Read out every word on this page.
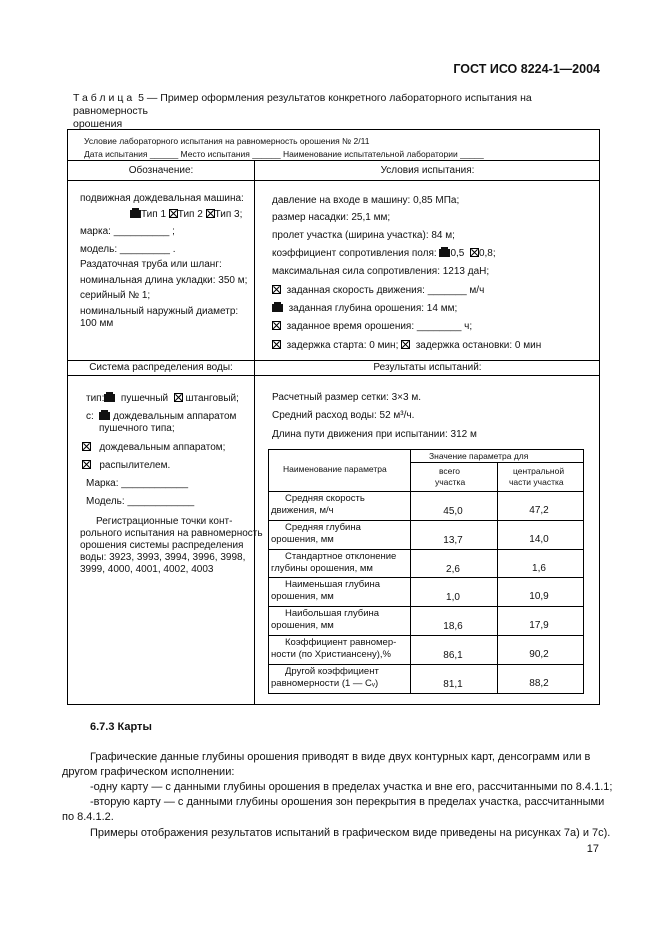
ГОСТ ИСО 8224-1—2004
Таблица 5 — Пример оформления результатов конкретного лабораторного испытания на равномерность
орошения
Условие лабораторного испытания на равномерность орошения № 2/11
Дата испытания ______ Место испытания ______ Наименование испытательной лаборатории _____
Обозначение:
подвижная дождевальная машина:
Тип 1 Тип 2 Тип 3;
марка: __________ ;
модель: _________ .
Раздаточная труба или шланг:
номинальная длина укладки: 350 м;
серийный № 1;
номинальный наружный диаметр:
100 мм
Условия испытания:
давление на входе в машину: 0,85 МПа;
размер насадки: 25,1 мм;
пролет участка (ширина участка): 84 м;
коэффициент сопротивления поля: 0,5 0,8;
максимальная сила сопротивления: 1213 даН;
заданная скорость движения: _______ м/ч
заданная глубина орошения: 14 мм;
заданное время орошения: ________ ч;
задержка старта: 0 мин; задержка остановки: 0 мин
Система распределения воды:
тип: пушечный штанговый;
с: дождевальным аппаратом
пушечного типа;
дождевальным аппаратом;
распылителем.
Марка: ____________
Модель: ____________
Регистрационные точки конт-
рольного испытания на равномерность
орошения системы распределения
воды: 3923, 3993, 3994, 3996, 3998,
3999, 4000, 4001, 4002, 4003
Результаты испытаний:
Расчетный размер сетки: 3×3 м.
Средний расход воды: 52 м³/ч.
Длина пути движения при испытании: 312 м
Наименование параметра
Значение параметра для
всего
участка
центральной
части участка
Средняя скорость
движения, м/ч	45,0	47,2
Средняя глубина
орошения, мм	13,7	14,0
Стандартное отклонение
глубины орошения, мм	2,6	1,6
Наименьшая глубина
орошения, мм	1,0	10,9
Наибольшая глубина
орошения, мм	18,6	17,9
Коэффициент равномер-
ности (по Христиансену),%	86,1	90,2
Другой коэффициент
равномерности (1 — Cᵥ)	81,1	88,2
6.7.3 Карты
Графические данные глубины орошения приводят в виде двух контурных карт, денсограмм или в
другом графическом исполнении:
-одну карту — с данными глубины орошения в пределах участка и вне его, рассчитанными по 8.4.1.1;
-вторую карту — с данными глубины орошения зон перекрытия в пределах участка, рассчитанными
по 8.4.1.2.
Примеры отображения результатов испытаний в графическом виде приведены на рисунках 7а) и 7с).
17
